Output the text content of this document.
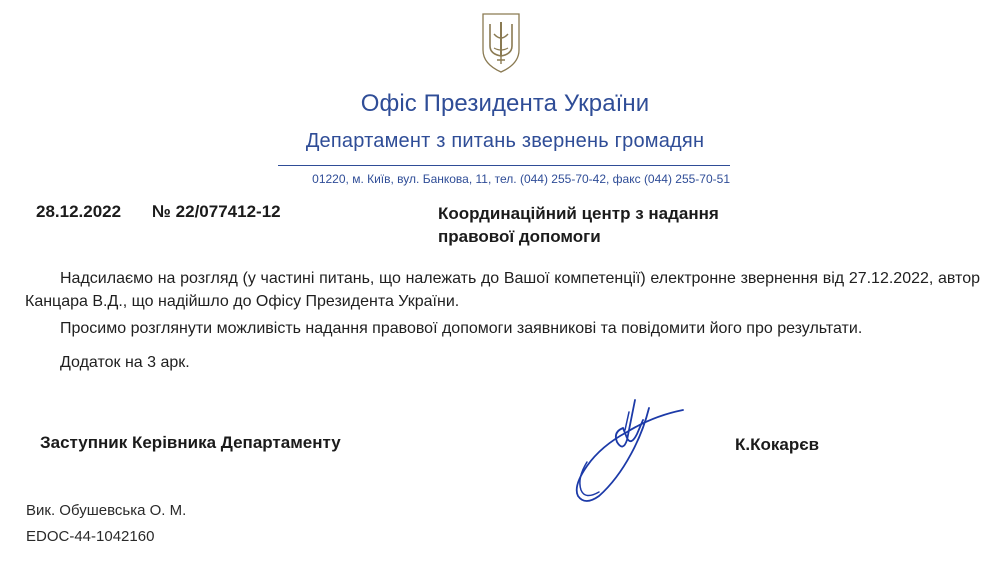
Офіс Президента України
Департамент з питань звернень громадян
01220, м. Київ, вул. Банкова, 11, тел. (044) 255-70-42, факс (044) 255-70-51
28.12.2022 № 22/077412-12	Координаційний центр з надання правової допомоги
Надсилаємо на розгляд (у частині питань, що належать до Вашої компетенції) електронне звернення від 27.12.2022, автор Канцара В.Д., що надійшло до Офісу Президента України.
Просимо розглянути можливість надання правової допомоги заявникові та повідомити його про результати.
Додаток на 3 арк.
Заступник Керівника Департаменту	К.Кокарєв
Вик. Обушевська О. М.
EDOC-44-1042160
